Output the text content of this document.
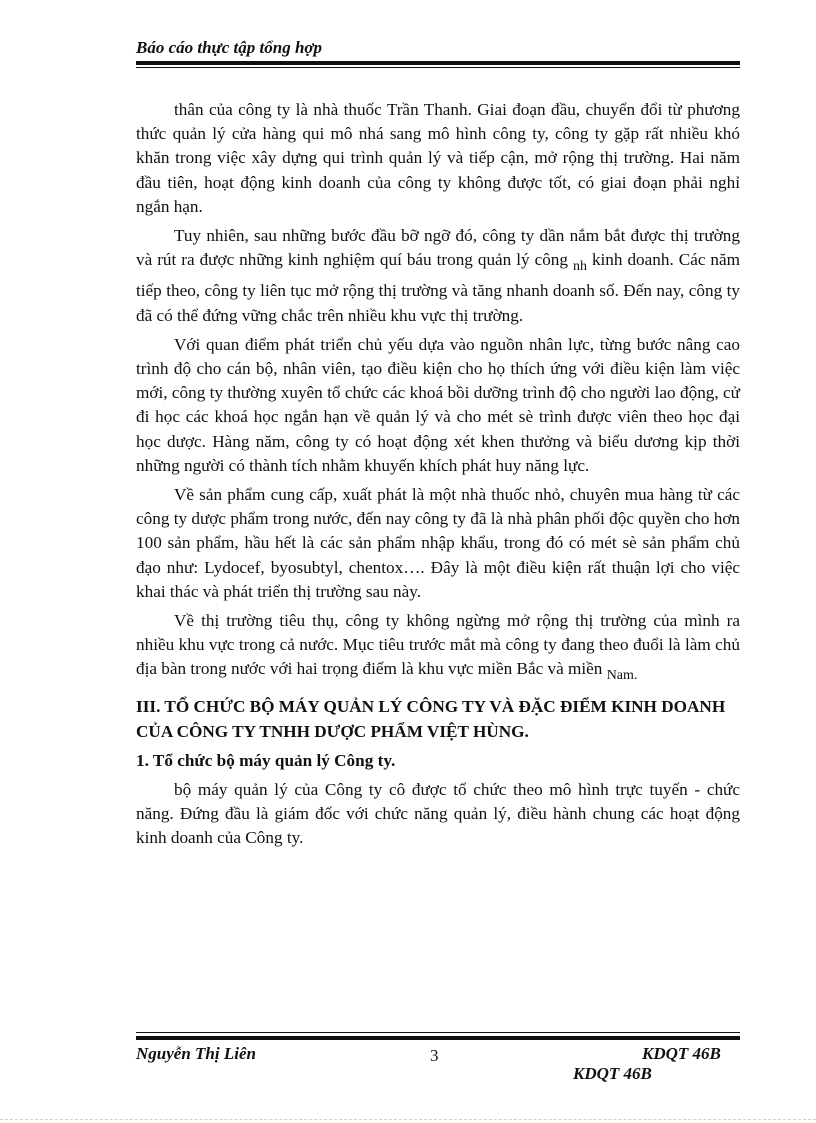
Báo cáo thực tập tổng hợp

thân của công ty là nhà thuốc Trần Thanh. Giai đoạn đầu, chuyển đổi từ phương thức quản lý cửa hàng qui mô nhá sang mô hình công ty, công ty gặp rất nhiều khó khăn trong việc xây dựng qui trình quản lý và tiếp cận, mở rộng thị trường. Hai năm đầu tiên, hoạt động kinh doanh của công ty không được tốt, có giai đoạn phải nghỉ ngắn hạn.

Tuy nhiên, sau những bước đầu bỡ ngỡ đó, công ty dần nắm bắt được thị trường và rút ra được những kinh nghiệm quí báu trong quản lý công $_{nh}$ kinh doanh. Các năm tiếp theo, công ty liên tục mở rộng thị trường và tăng nhanh doanh số. Đến nay, công ty đã có thể đứng vững chắc trên nhiều khu vực thị trường.

Với quan điểm phát triển chủ yếu dựa vào nguồn nhân lực, từng bước nâng cao trình độ cho cán bộ, nhân viên, tạo điều kiện cho họ thích ứng với điều kiện làm việc mới, công ty thường xuyên tổ chức các khoá bồi dưỡng trình độ cho người lao động, cử đi học các khoá học ngắn hạn về quản lý và cho mét sè trình được viên theo học đại học dược. Hàng năm, công ty có hoạt động xét khen thưởng và biểu dương kịp thời những người có thành tích nhằm khuyến khích phát huy năng lực.

Về sản phẩm cung cấp, xuất phát là một nhà thuốc nhỏ, chuyên mua hàng từ các công ty dược phẩm trong nước, đến nay công ty đã là nhà phân phối độc quyền cho hơn 100 sản phẩm, hầu hết là các sản phẩm nhập khẩu, trong đó có mét sè sản phẩm chủ đạo như: Lydocef, byosubtyl, chentox…. Đây là một điều kiện rất thuận lợi cho việc khai thác và phát triển thị trường sau này.

Về thị trường tiêu thụ, công ty không ngừng mở rộng thị trường của mình ra nhiều khu vực trong cả nước. Mục tiêu trước mắt mà công ty đang theo đuổi là làm chủ địa bàn trong nước với hai trọng điểm là khu vực miền Bắc và miền $_{Nam.}$

III. TỔ CHỨC BỘ MÁY QUẢN LÝ CÔNG TY VÀ ĐẶC ĐIỂM KINH DOANH CỦA CÔNG TY TNHH DƯỢC PHẨM VIỆT HÙNG.

1. Tổ chức bộ máy quản lý Công ty.

bộ máy quản lý của Công ty cô được tổ chức theo mô hình trực tuyến - chức năng. Đứng đầu là giám đốc với chức năng quản lý, điều hành chung các hoạt động kinh doanh của Công ty.

Nguyễn Thị Liên	3	KDQT 46B
KDQT 46B
